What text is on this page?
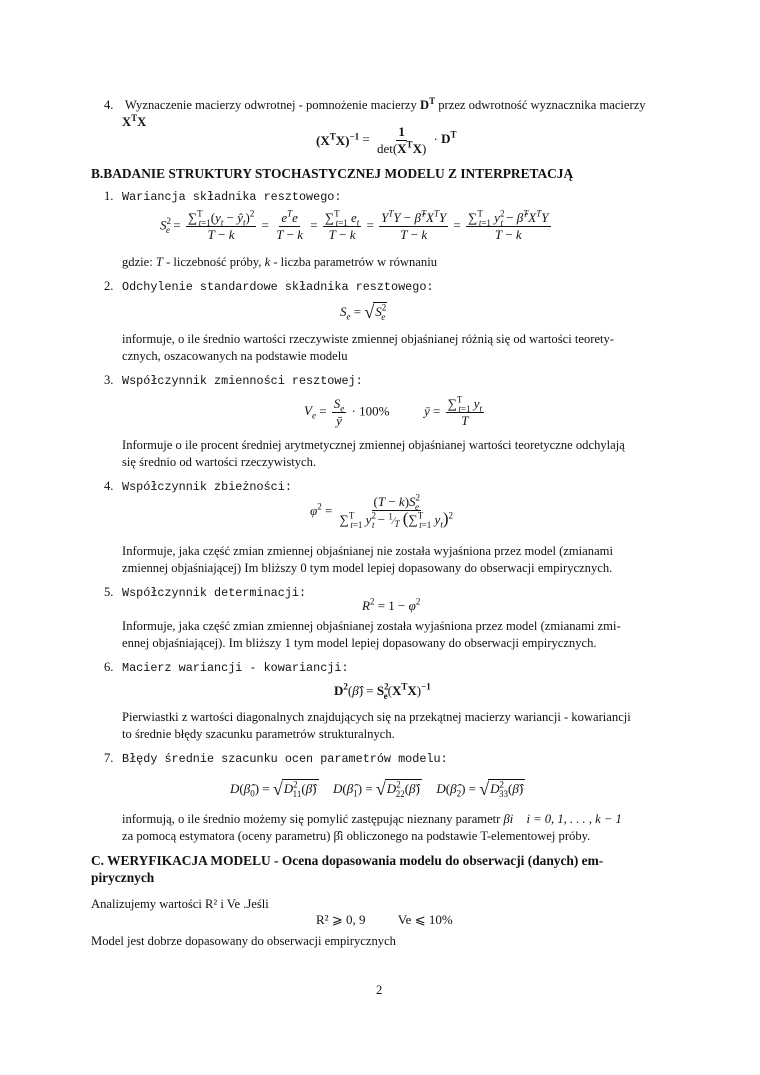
4. Wyznaczenie macierzy odwrotnej - pomnożenie macierzy $D^T$ przez odwrotność wyznacznika macierzy
$X^TX$
$(X^TX)^{-1} = \frac{1}{\det(X^TX)} \cdot D^T$
B.BADANIE STRUKTURY STOCHASTYCZNEJ MODELU Z INTERPRETACJĄ
1. Wariancja składnika resztowego:
$S^2_e = \frac{\sum^T_{t=1}(y_t - ŷ_t)^2}{T - k} = \frac{e^Te}{T - k} = \frac{\sum^T_{t=1} e_t}{T - k} = \frac{Y^TY - \betâ^TX^TY}{T - k} = \frac{\sum^T_{t=1} y^2_t - \betâ^TX^TY}{T - k}$
gdzie: T - liczebność próby, k - liczba parametrów w równaniu
2. Odchylenie standardowe składnika resztowego:
$S_e = √S^2_e$
informuje, o ile średnio wartości rzeczywiste zmiennej objaśnianej różnią się od wartości teorety-
cznych, oszacowanych na podstawie modelu
3. Współczynnik zmienności resztowej:
$V_e = \frac{S_e}{ȳ} \cdot 100\%$  ȳ = $\frac{\sum^T_{t=1} y_t}{T}$
Informuje o ile procent średniej arytmetycznej zmiennej objaśnianej wartości teoretyczne odchylają
się średnio od wartości rzeczywistych.
4. Współczynnik zbieżności:
$\varphi^2 = \frac{(T - k)S^2_e}{\sum^T_{t=1} y^2_t - ^1⁄_T (\sum^T_{t=1} y_t)^2}$
Informuje, jaka część zmian zmiennej objaśnianej nie została wyjaśniona przez model (zmianami
zmiennej objaśniającej) Im bliższy 0 tym model lepiej dopasowany do obserwacji empirycznych.
5. Współczynnik determinacji:
$R^2 = 1 - \varphi^2$
Informuje, jaka część zmian zmiennej objaśnianej została wyjaśniona przez model (zmianami zmi-
ennej objaśniającej). Im bliższy 1 tym model lepiej dopasowany do obserwacji empirycznych.
6. Macierz wariancji - kowariancji:
$D^2(\betâ) = S^2_e(X^TX)^{-1}$
Pierwiastki z wartości diagonalnych znajdujących się na przekątnej macierzy wariancji - kowariancji
to średnie błędy szacunku parametrów strukturalnych.
7. Błędy średnie szacunku ocen parametrów modelu:
$D(\betâ_0)$ = $√D^2_{11}(\betâ)$ $D(\betâ_1)$ = $√D^2_{22}(\betâ)$ $D(\betâ_2)$ = $√D^2_{33}(\betâ)$
informują, o ile średnio możemy się pomylić zastępując nieznany parametr βi i = 0, 1, . . . , k − 1
za pomocą estymatora (oceny parametru) β̂i obliczonego na podstawie T-elementowej próby.
C. WERYFIKACJA MODELU - Ocena dopasowania modelu do obserwacji (danych) em-
pirycznych
Analizujemy wartości R² i Ve .Jeśli
R² ⩾ 0, 9 Ve ⩽ 10%
Model jest dobrze dopasowany do obserwacji empirycznych
2
